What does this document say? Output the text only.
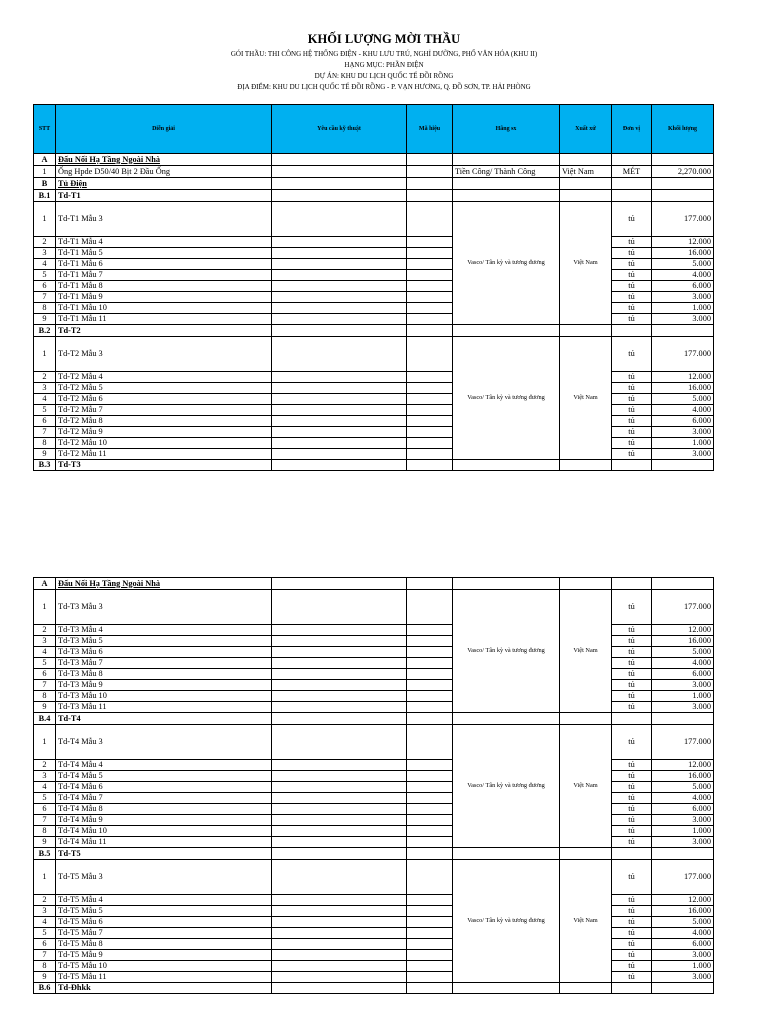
KHỐI LƯỢNG MỜI THẦU
GÓI THẦU: THI CÔNG HỆ THỐNG ĐIỆN - KHU LƯU TRÚ, NGHỈ DƯỠNG, PHỐ VĂN HÓA (KHU II)
HẠNG MỤC: PHẦN ĐIỆN
DỰ ÁN: KHU DU LỊCH QUỐC TẾ ĐỒI RỒNG
ĐỊA ĐIỂM: KHU DU LỊCH QUỐC TẾ ĐỒI RỒNG - P. VẠN HƯƠNG, Q. ĐỒ SƠN, TP. HẢI PHÒNG
STT	Diễn giải	Yêu cầu kỹ thuật	Mã hiệu	Hãng sx	Xuất xứ	Đơn vị	Khối lượng
A	Đấu Nối Hạ Tầng Ngoài Nhà						
1	Ống Hpde D50/40 Bịt 2 Đầu Ống			Tiền Công/ Thành Công	Việt Nam	MÉT	2,270.000
B	Tủ Điện						
B.1	Td-T1						
1	Td-T1 Mẫu 3			Vasco/ Tân kỳ và tương đương	Việt Nam	tủ	177.000
2	Td-T1 Mẫu 4					tủ	12.000
3	Td-T1 Mẫu 5					tủ	16.000
4	Td-T1 Mẫu 6					tủ	5.000
5	Td-T1 Mẫu 7					tủ	4.000
6	Td-T1 Mẫu 8					tủ	6.000
7	Td-T1 Mẫu 9					tủ	3.000
8	Td-T1 Mẫu 10					tủ	1.000
9	Td-T1 Mẫu 11					tủ	3.000
B.2	Td-T2						
1	Td-T2 Mẫu 3			Vasco/ Tân kỳ và tương đương	Việt Nam	tủ	177.000
2	Td-T2 Mẫu 4					tủ	12.000
3	Td-T2 Mẫu 5					tủ	16.000
4	Td-T2 Mẫu 6					tủ	5.000
5	Td-T2 Mẫu 7					tủ	4.000
6	Td-T2 Mẫu 8					tủ	6.000
7	Td-T2 Mẫu 9					tủ	3.000
8	Td-T2 Mẫu 10					tủ	1.000
9	Td-T2 Mẫu 11					tủ	3.000
B.3	Td-T3						
A	Đấu Nối Hạ Tầng Ngoài Nhà						
1	Td-T3 Mẫu 3			Vasco/ Tân kỳ và tương đương	Việt Nam	tủ	177.000
2	Td-T3 Mẫu 4					tủ	12.000
3	Td-T3 Mẫu 5					tủ	16.000
4	Td-T3 Mẫu 6					tủ	5.000
5	Td-T3 Mẫu 7					tủ	4.000
6	Td-T3 Mẫu 8					tủ	6.000
7	Td-T3 Mẫu 9					tủ	3.000
8	Td-T3 Mẫu 10					tủ	1.000
9	Td-T3 Mẫu 11					tủ	3.000
B.4	Td-T4						
1	Td-T4 Mẫu 3			Vasco/ Tân kỳ và tương đương	Việt Nam	tủ	177.000
2	Td-T4 Mẫu 4					tủ	12.000
3	Td-T4 Mẫu 5					tủ	16.000
4	Td-T4 Mẫu 6					tủ	5.000
5	Td-T4 Mẫu 7					tủ	4.000
6	Td-T4 Mẫu 8					tủ	6.000
7	Td-T4 Mẫu 9					tủ	3.000
8	Td-T4 Mẫu 10					tủ	1.000
9	Td-T4 Mẫu 11					tủ	3.000
B.5	Td-T5						
1	Td-T5 Mẫu 3			Vasco/ Tân kỳ và tương đương	Việt Nam	tủ	177.000
2	Td-T5 Mẫu 4					tủ	12.000
3	Td-T5 Mẫu 5					tủ	16.000
4	Td-T5 Mẫu 6					tủ	5.000
5	Td-T5 Mẫu 7					tủ	4.000
6	Td-T5 Mẫu 8					tủ	6.000
7	Td-T5 Mẫu 9					tủ	3.000
8	Td-T5 Mẫu 10					tủ	1.000
9	Td-T5 Mẫu 11					tủ	3.000
B.6	Td-Đhkk						
